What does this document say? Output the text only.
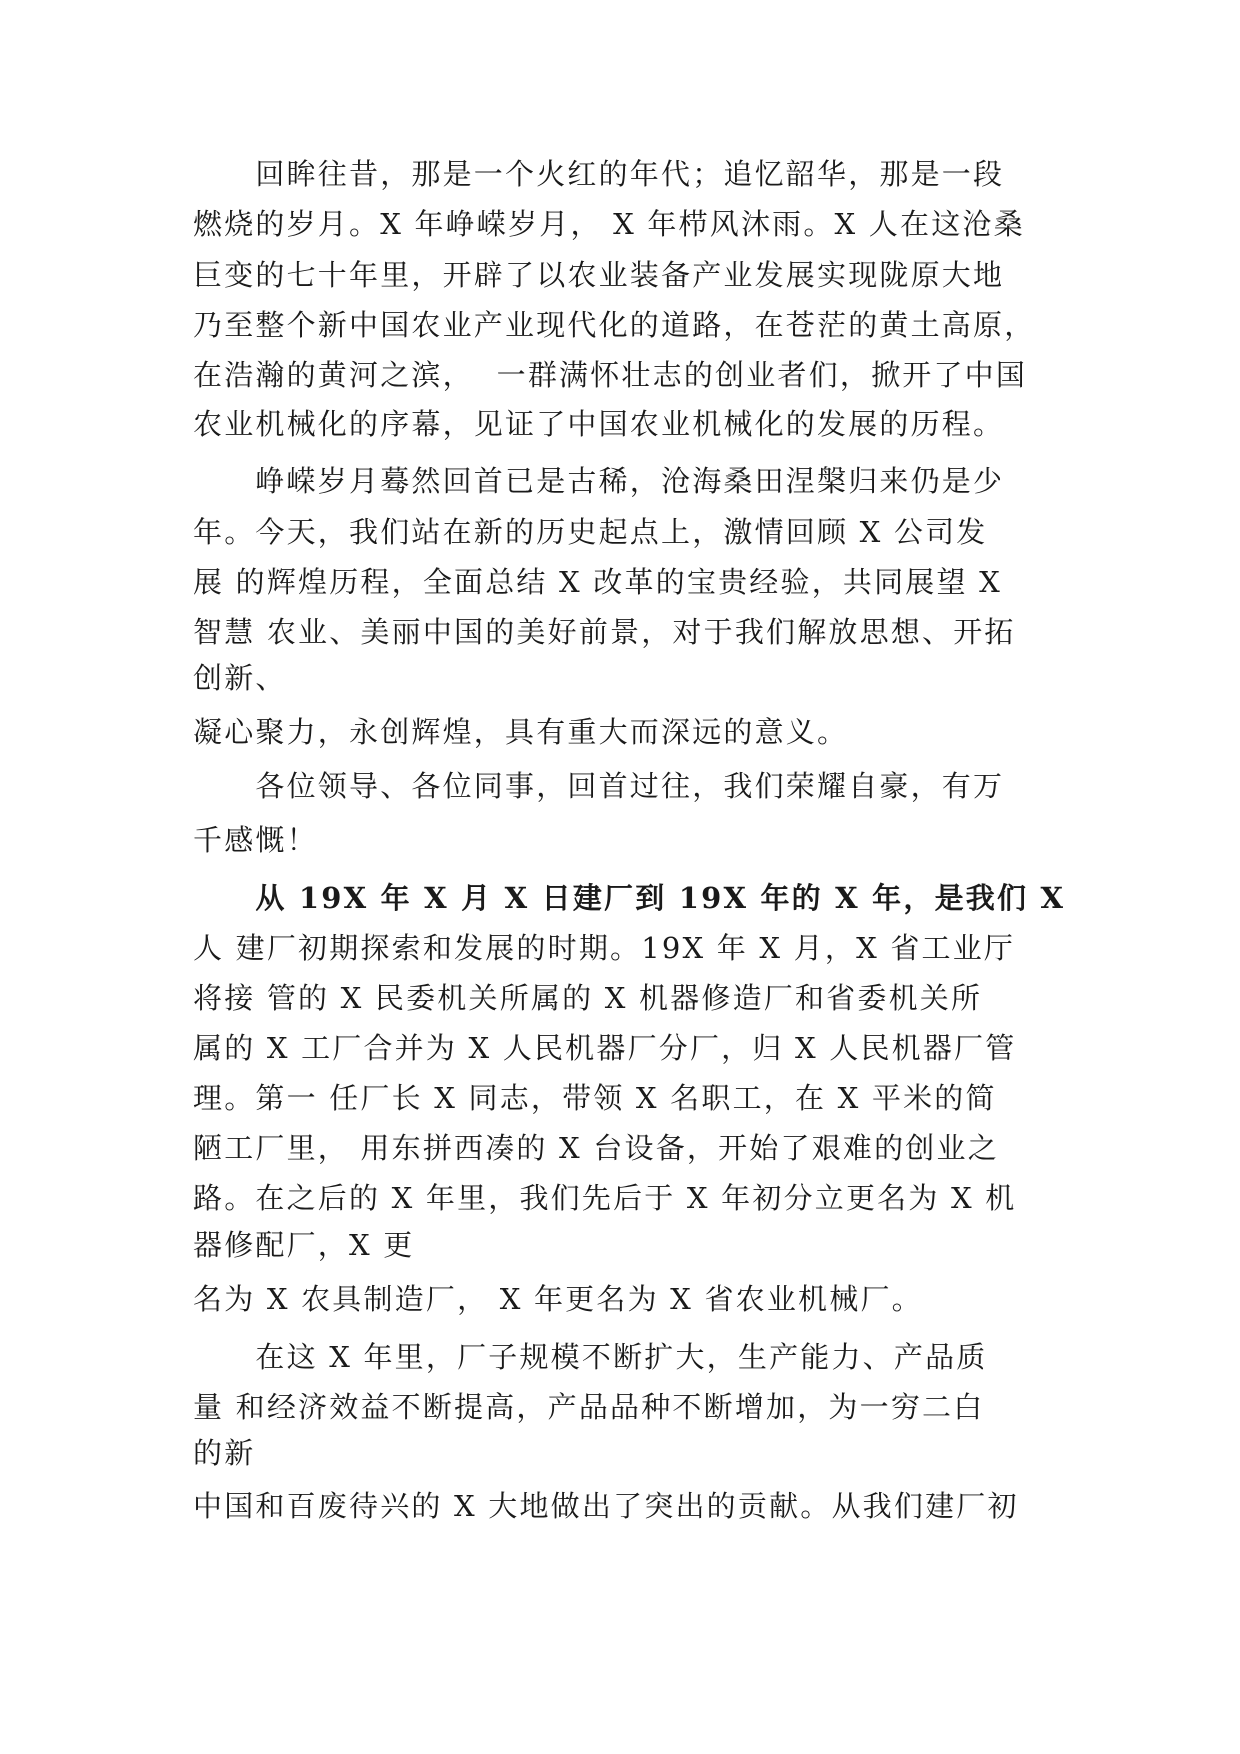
　　回眸往昔，那是一个火红的年代；追忆韶华，那是一段
燃烧的岁月。X 年峥嵘岁月， X 年栉风沐雨。X 人在这沧桑
巨变的七十年里，开辟了以农业装备产业发展实现陇原大地
乃至整个新中国农业产业现代化的道路，在苍茫的黄土高原，
在浩瀚的黄河之滨，  一群满怀壮志的创业者们，掀开了中国
农业机械化的序幕，见证了中国农业机械化的发展的历程。
　　峥嵘岁月蓦然回首已是古稀，沧海桑田涅槃归来仍是少
年。今天，我们站在新的历史起点上，激情回顾 X 公司发
展 的辉煌历程，全面总结 X 改革的宝贵经验，共同展望 X
智慧 农业、美丽中国的美好前景，对于我们解放思想、开拓
创新、
凝心聚力，永创辉煌，具有重大而深远的意义。
　　各位领导、各位同事，回首过往，我们荣耀自豪，有万
千感慨！
　　从 19X 年 X 月 X 日建厂到 19X 年的 X 年，是我们 X
人 建厂初期探索和发展的时期。19X 年 X 月，X 省工业厅
将接 管的 X 民委机关所属的 X 机器修造厂和省委机关所
属的 X 工厂合并为 X 人民机器厂分厂，归 X 人民机器厂管
理。第一 任厂长 X 同志，带领 X 名职工，在 X 平米的简
陋工厂里， 用东拼西凑的 X 台设备，开始了艰难的创业之
路。在之后的 X 年里，我们先后于 X 年初分立更名为 X 机
器修配厂，X 更
名为 X 农具制造厂， X 年更名为 X 省农业机械厂。
　　在这 X 年里，厂子规模不断扩大，生产能力、产品质
量 和经济效益不断提高，产品品种不断增加，为一穷二白
的新
中国和百废待兴的 X 大地做出了突出的贡献。从我们建厂初
